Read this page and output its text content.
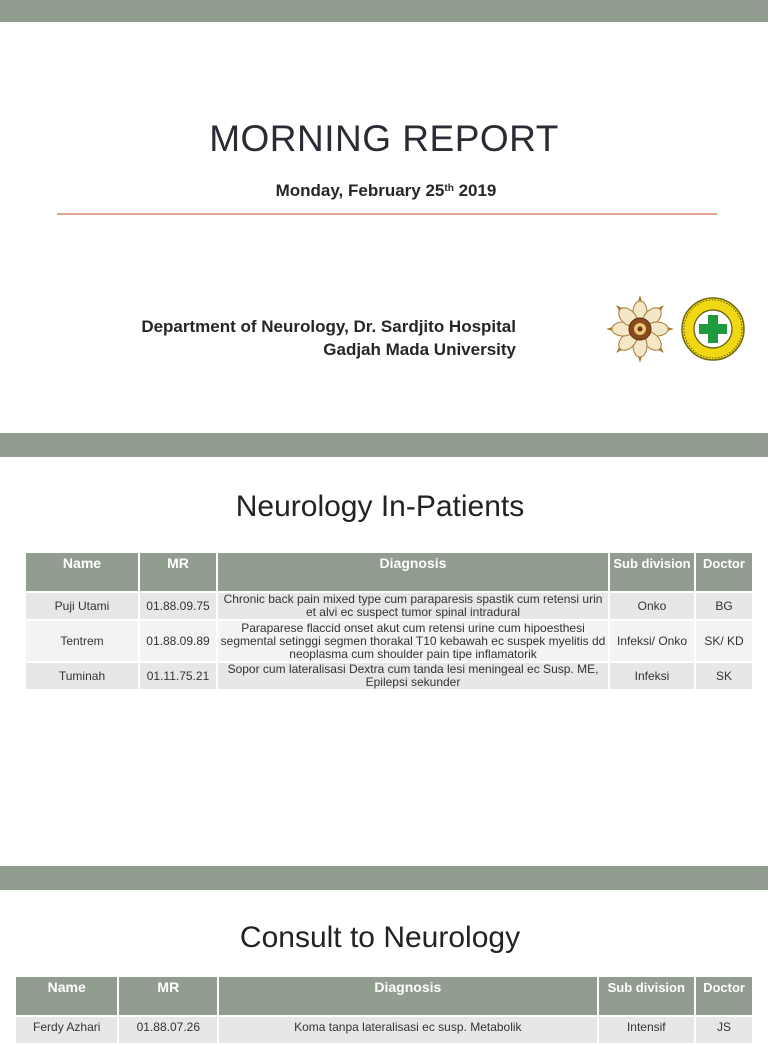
MORNING REPORT
Monday, February 25th 2019
Department of Neurology, Dr. Sardjito Hospital
Gadjah Mada University
Neurology In-Patients
Name	MR	Diagnosis	Sub division	Doctor
Puji Utami	01.88.09.75	Chronic back pain mixed type cum paraparesis spastik cum retensi urin et alvi ec suspect tumor spinal intradural	Onko	BG
Tentrem	01.88.09.89	Paraparese flaccid onset akut cum retensi urine cum hipoesthesi segmental setinggi segmen thorakal T10 kebawah ec suspek myelitis dd neoplasma cum shoulder pain tipe inflamatorik	Infeksi/ Onko	SK/ KD
Tuminah	01.11.75.21	Sopor cum lateralisasi Dextra cum tanda lesi meningeal ec Susp. ME, Epilepsi sekunder	Infeksi	SK
Consult to Neurology
Name	MR	Diagnosis	Sub division	Doctor
Ferdy Azhari	01.88.07.26	Koma tanpa lateralisasi ec susp. Metabolik	Intensif	JS
